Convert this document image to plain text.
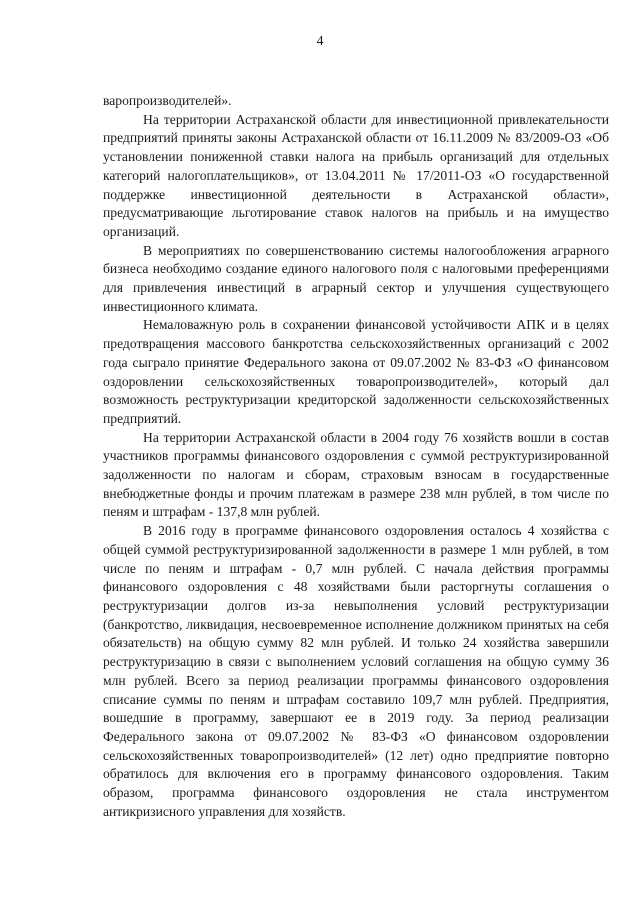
4

варопроизводителей».

На территории Астраханской области для инвестиционной привлекательности предприятий приняты законы Астраханской области от 16.11.2009 № 83/2009-ОЗ «Об установлении пониженной ставки налога на прибыль организаций для отдельных категорий налогоплательщиков», от 13.04.2011 № 17/2011-ОЗ «О государственной поддержке инвестиционной деятельности в Астраханской области», предусматривающие льготирование ставок налогов на прибыль и на имущество организаций.

В мероприятиях по совершенствованию системы налогообложения аграрного бизнеса необходимо создание единого налогового поля с налоговыми преференциями для привлечения инвестиций в аграрный сектор и улучшения существующего инвестиционного климата.

Немаловажную роль в сохранении финансовой устойчивости АПК и в целях предотвращения массового банкротства сельскохозяйственных организаций с 2002 года сыграло принятие Федерального закона от 09.07.2002 № 83-ФЗ «О финансовом оздоровлении сельскохозяйственных товаропроизводителей», который дал возможность реструктуризации кредиторской задолженности сельскохозяйственных предприятий.

На территории Астраханской области в 2004 году 76 хозяйств вошли в состав участников программы финансового оздоровления с суммой реструктуризированной задолженности по налогам и сборам, страховым взносам в государственные внебюджетные фонды и прочим платежам в размере 238 млн рублей, в том числе по пеням и штрафам - 137,8 млн рублей.

В 2016 году в программе финансового оздоровления осталось 4 хозяйства с общей суммой реструктуризированной задолженности в размере 1 млн рублей, в том числе по пеням и штрафам - 0,7 млн рублей. С начала действия программы финансового оздоровления с 48 хозяйствами были расторгнуты соглашения о реструктуризации долгов из-за невыполнения условий реструктуризации (банкротство, ликвидация, несвоевременное исполнение должником принятых на себя обязательств) на общую сумму 82 млн рублей. И только 24 хозяйства завершили реструктуризацию в связи с выполнением условий соглашения на общую сумму 36 млн рублей. Всего за период реализации программы финансового оздоровления списание суммы по пеням и штрафам составило 109,7 млн рублей. Предприятия, вошедшие в программу, завершают ее в 2019 году. За период реализации Федерального закона от 09.07.2002 № 83-ФЗ «О финансовом оздоровлении сельскохозяйственных товаропроизводителей» (12 лет) одно предприятие повторно обратилось для включения его в программу финансового оздоровления. Таким образом, программа финансового оздоровления не стала инструментом антикризисного управления для хозяйств.
